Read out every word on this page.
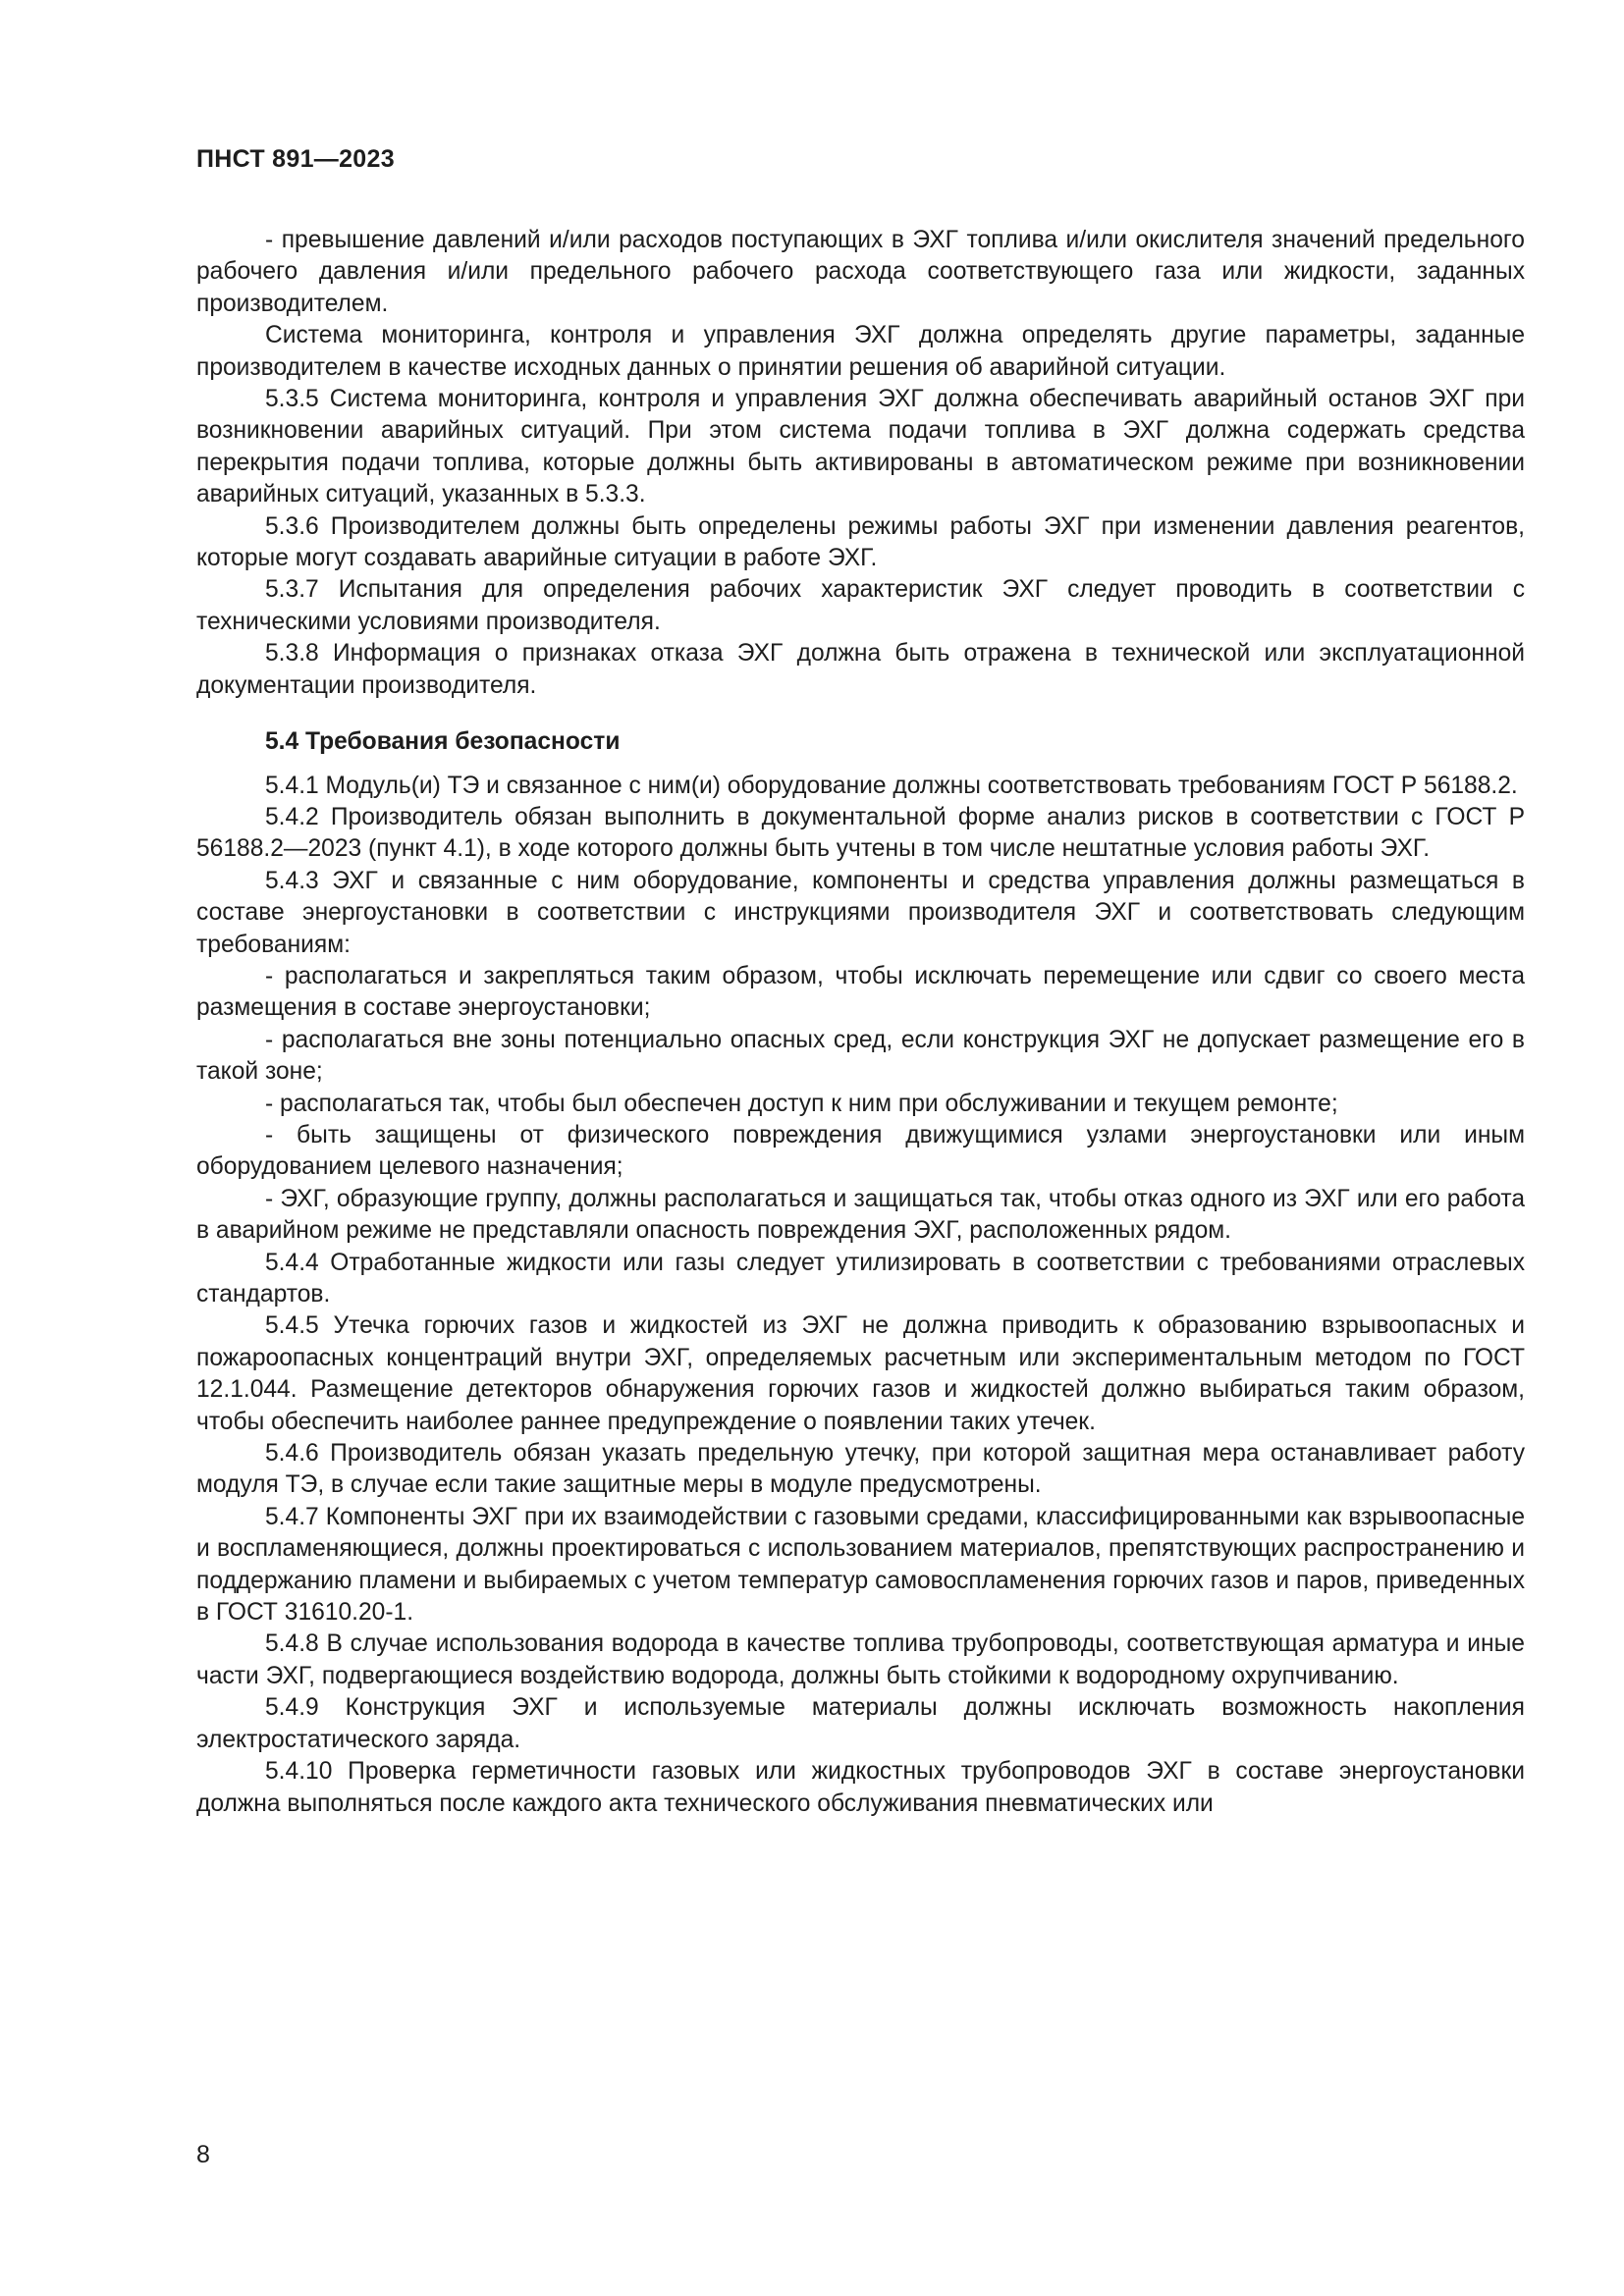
ПНСТ 891—2023

- превышение давлений и/или расходов поступающих в ЭХГ топлива и/или окислителя значений предельного рабочего давления и/или предельного рабочего расхода соответствующего газа или жидкости, заданных производителем.

Система мониторинга, контроля и управления ЭХГ должна определять другие параметры, заданные производителем в качестве исходных данных о принятии решения об аварийной ситуации.

5.3.5 Система мониторинга, контроля и управления ЭХГ должна обеспечивать аварийный останов ЭХГ при возникновении аварийных ситуаций. При этом система подачи топлива в ЭХГ должна содержать средства перекрытия подачи топлива, которые должны быть активированы в автоматическом режиме при возникновении аварийных ситуаций, указанных в 5.3.3.

5.3.6 Производителем должны быть определены режимы работы ЭХГ при изменении давления реагентов, которые могут создавать аварийные ситуации в работе ЭХГ.

5.3.7 Испытания для определения рабочих характеристик ЭХГ следует проводить в соответствии с техническими условиями производителя.

5.3.8 Информация о признаках отказа ЭХГ должна быть отражена в технической или эксплуатационной документации производителя.

5.4 Требования безопасности

5.4.1 Модуль(и) ТЭ и связанное с ним(и) оборудование должны соответствовать требованиям ГОСТ Р 56188.2.

5.4.2 Производитель обязан выполнить в документальной форме анализ рисков в соответствии с ГОСТ Р 56188.2—2023 (пункт 4.1), в ходе которого должны быть учтены в том числе нештатные условия работы ЭХГ.

5.4.3 ЭХГ и связанные с ним оборудование, компоненты и средства управления должны размещаться в составе энергоустановки в соответствии с инструкциями производителя ЭХГ и соответствовать следующим требованиям:

- располагаться и закрепляться таким образом, чтобы исключать перемещение или сдвиг со своего места размещения в составе энергоустановки;

- располагаться вне зоны потенциально опасных сред, если конструкция ЭХГ не допускает размещение его в такой зоне;

- располагаться так, чтобы был обеспечен доступ к ним при обслуживании и текущем ремонте;

- быть защищены от физического повреждения движущимися узлами энергоустановки или иным оборудованием целевого назначения;

- ЭХГ, образующие группу, должны располагаться и защищаться так, чтобы отказ одного из ЭХГ или его работа в аварийном режиме не представляли опасность повреждения ЭХГ, расположенных рядом.

5.4.4 Отработанные жидкости или газы следует утилизировать в соответствии с требованиями отраслевых стандартов.

5.4.5 Утечка горючих газов и жидкостей из ЭХГ не должна приводить к образованию взрывоопасных и пожароопасных концентраций внутри ЭХГ, определяемых расчетным или экспериментальным методом по ГОСТ 12.1.044. Размещение детекторов обнаружения горючих газов и жидкостей должно выбираться таким образом, чтобы обеспечить наиболее раннее предупреждение о появлении таких утечек.

5.4.6 Производитель обязан указать предельную утечку, при которой защитная мера останавливает работу модуля ТЭ, в случае если такие защитные меры в модуле предусмотрены.

5.4.7 Компоненты ЭХГ при их взаимодействии с газовыми средами, классифицированными как взрывоопасные и воспламеняющиеся, должны проектироваться с использованием материалов, препятствующих распространению и поддержанию пламени и выбираемых с учетом температур самовоспламенения горючих газов и паров, приведенных в ГОСТ 31610.20-1.

5.4.8 В случае использования водорода в качестве топлива трубопроводы, соответствующая арматура и иные части ЭХГ, подвергающиеся воздействию водорода, должны быть стойкими к водородному охрупчиванию.

5.4.9 Конструкция ЭХГ и используемые материалы должны исключать возможность накопления электростатического заряда.

5.4.10 Проверка герметичности газовых или жидкостных трубопроводов ЭХГ в составе энергоустановки должна выполняться после каждого акта технического обслуживания пневматических или

8
